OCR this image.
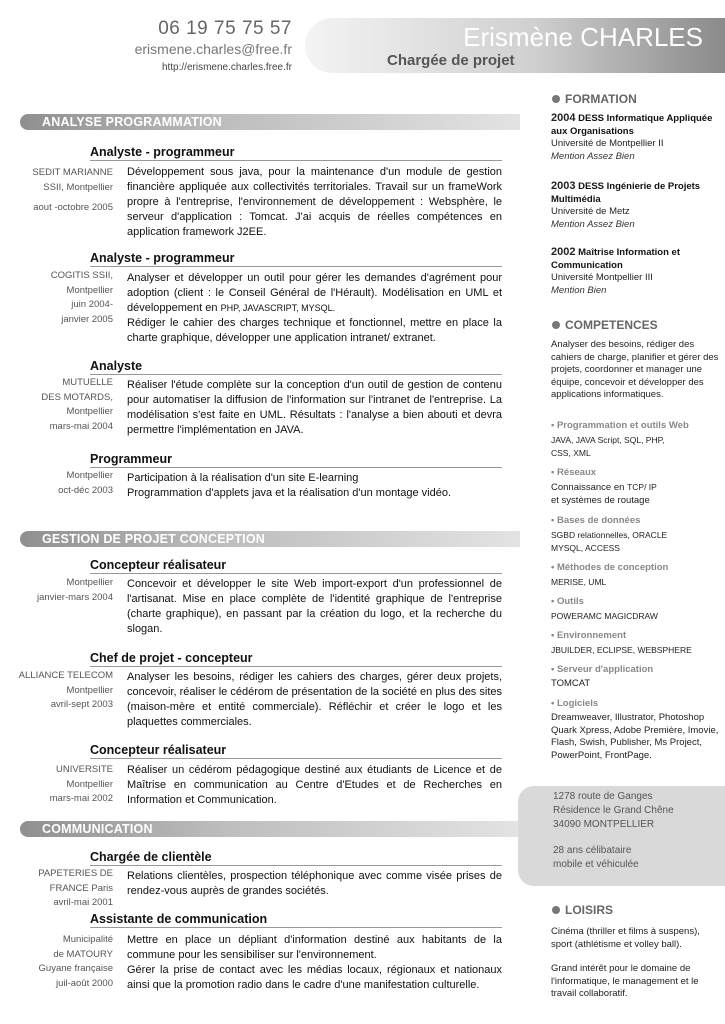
06 19 75 75 57
erismene.charles@free.fr
http://erismene.charles.free.fr
Erismène CHARLES
Chargée de projet
ANALYSE PROGRAMMATION
Analyste - programmeur
SEDIT MARIANNE
SSII, Montpellier
aout -octobre 2005
Développement sous java, pour la maintenance d'un module de gestion financière appliquée aux collectivités territoriales. Travail sur un frameWork propre à l'entreprise, l'environnement de développement : Websphère, le serveur d'application : Tomcat. J'ai acquis de réelles compétences en application framework J2EE.
Analyste - programmeur
COGITIS SSII,
Montpellier
juin 2004-
janvier 2005
Analyser et développer un outil pour gérer les demandes d'agrément pour adoption (client : le Conseil Général de l'Hérault). Modélisation en UML et développement en PHP, JAVASCRIPT, MYSQL.
Rédiger le cahier des charges technique et fonctionnel, mettre en place la charte graphique, développer une application intranet/ extranet.
Analyste
MUTUELLE
DES MOTARDS,
Montpellier
mars-mai 2004
Réaliser l'étude complète sur la conception d'un outil de gestion de contenu pour automatiser la diffusion de l'information sur l'intranet de l'entreprise. La modélisation s'est faite en UML. Résultats : l'analyse a bien abouti et devra permettre l'implémentation en JAVA.
Programmeur
Montpellier
oct-déc 2003
Participation à la réalisation d'un site E-learning
Programmation d'applets java et la réalisation d'un montage vidéo.
GESTION DE PROJET CONCEPTION
Concepteur réalisateur
Montpellier
janvier-mars 2004
Concevoir et développer le site Web import-export d'un professionnel de l'artisanat. Mise en place complète de l'identité graphique de l'entreprise (charte graphique), en passant par la création du logo, et la recherche du slogan.
Chef de projet - concepteur
ALLIANCE TELECOM
Montpellier
avril-sept 2003
Analyser les besoins, rédiger les cahiers des charges, gérer deux projets, concevoir, réaliser le cédérom de présentation de la société en plus des sites (maison-mère et entité commerciale). Réfléchir et créer le logo et les plaquettes commerciales.
Concepteur réalisateur
UNIVERSITE
Montpellier
mars-mai 2002
Réaliser un cédérom pédagogique destiné aux étudiants de Licence et de Maîtrise en communication au Centre d'Etudes et de Recherches en Information et Communication.
COMMUNICATION
Chargée de clientèle
PAPETERIES DE
FRANCE Paris
avril-mai 2001
Relations clientèles, prospection téléphonique avec comme visée prises de rendez-vous auprès de grandes sociétés.
Assistante de communication
Municipalité
de MATOURY
Guyane française
juil-août 2000
Mettre en place un dépliant d'information destiné aux habitants de la commune pour les sensibiliser sur l'environnement.
Gérer la prise de contact avec les médias locaux, régionaux et nationaux ainsi que la promotion radio dans le cadre d'une manifestation culturelle.
FORMATION
2004 DESS Informatique Appliquée aux Organisations
Université de Montpellier II
Mention Assez Bien
2003 DESS Ingénierie de Projets Multimédia
Université de Metz
Mention Assez Bien
2002 Maîtrise Information et Communication
Université Montpellier III
Mention Bien
COMPETENCES
Analyser des besoins, rédiger des cahiers de charge, planifier et gérer des projets, coordonner et manager une équipe, concevoir et développer des applications informatiques.
• Programmation et outils Web
JAVA, JAVA Script, SQL, PHP, CSS, XML
• Réseaux
Connaissance en TCP/ IP
et systèmes de routage
• Bases de données
SGBD relationnelles, ORACLE MYSQL, ACCESS
• Méthodes de conception
MERISE, UML
• Outils
POWERAMC MAGICDRAW
• Environnement
JBUILDER, ECLIPSE, WEBSPHERE
• Serveur d'application
TOMCAT
• Logiciels
Dreamweaver, Illustrator, Photoshop Quark Xpress, Adobe Première, Imovie, Flash, Swish, Publisher, Ms Project, PowerPoint, FrontPage.
1278 route de Ganges
Résidence le Grand Chêne
34090 MONTPELLIER
28 ans célibataire
mobile et véhiculée
LOISIRS
Cinéma (thriller et films à suspens), sport (athlétisme et volley ball).
Grand intérêt pour le domaine de l'informatique, le management et le travail collaboratif.
